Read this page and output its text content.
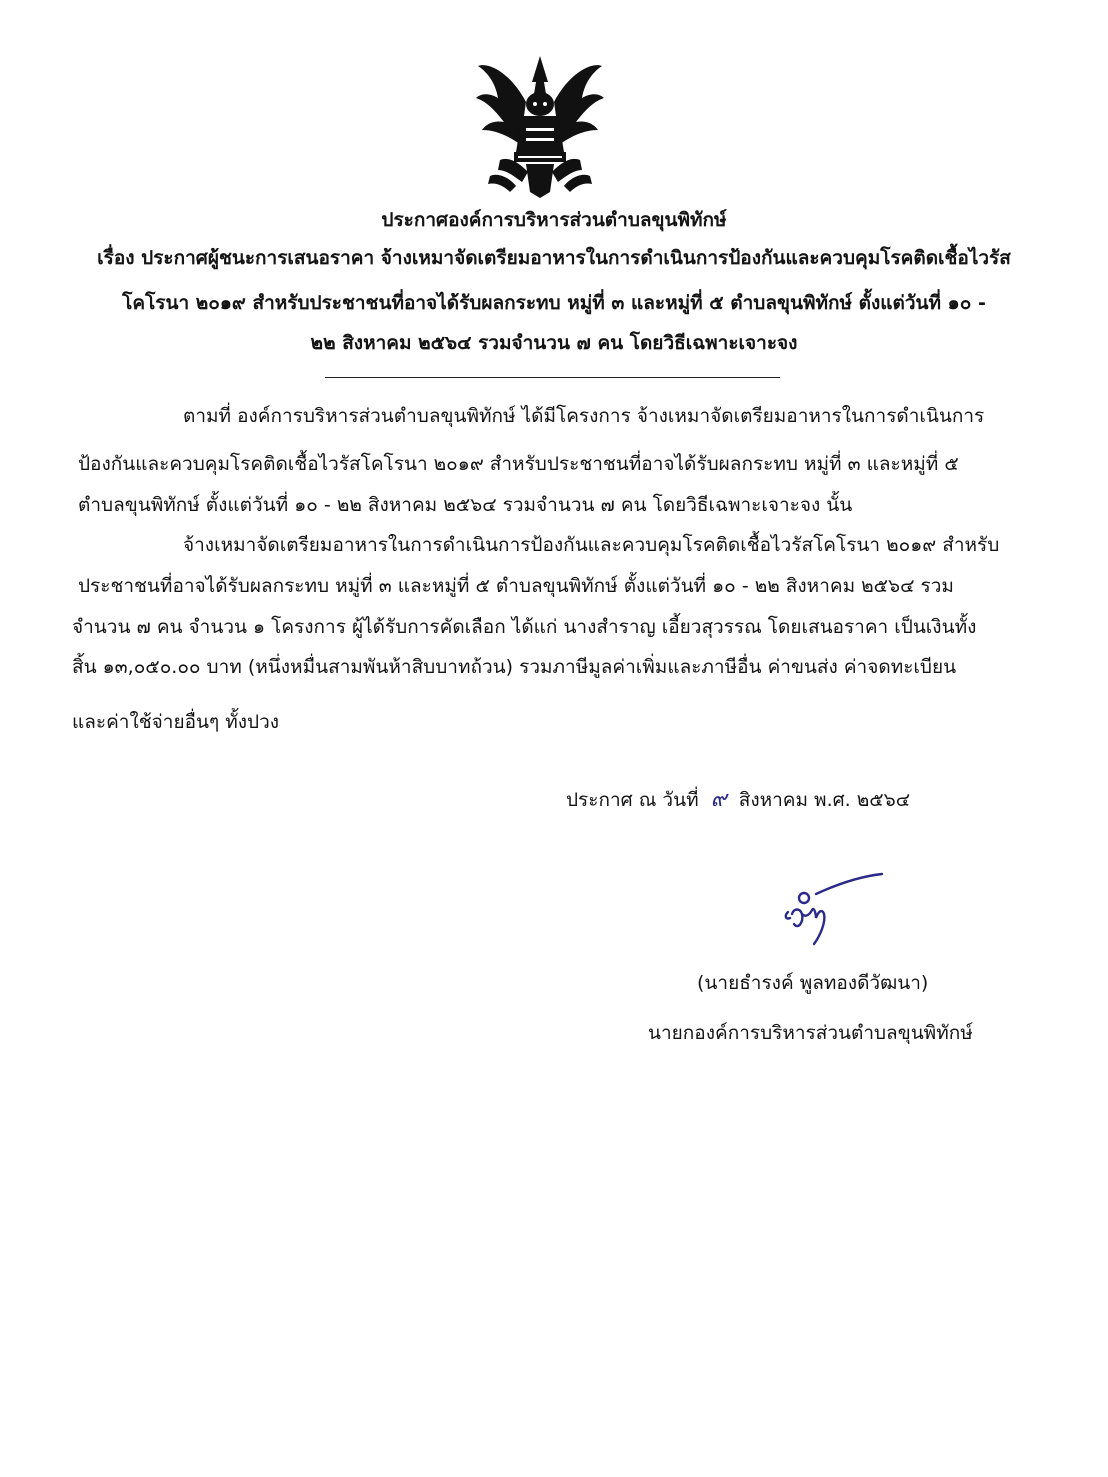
ประกาศองค์การบริหารส่วนตำบลขุนพิทักษ์
เรื่อง ประกาศผู้ชนะการเสนอราคา จ้างเหมาจัดเตรียมอาหารในการดำเนินการป้องกันและควบคุมโรคติดเชื้อไวรัส
โคโรนา ๒๐๑๙ สำหรับประชาชนที่อาจได้รับผลกระทบ หมู่ที่ ๓ และหมู่ที่ ๕ ตำบลขุนพิทักษ์ ตั้งแต่วันที่ ๑๐ -
๒๒ สิงหาคม ๒๕๖๔ รวมจำนวน ๗ คน โดยวิธีเฉพาะเจาะจง
ตามที่ องค์การบริหารส่วนตำบลขุนพิทักษ์ ได้มีโครงการ จ้างเหมาจัดเตรียมอาหารในการดำเนินการ
ป้องกันและควบคุมโรคติดเชื้อไวรัสโคโรนา ๒๐๑๙ สำหรับประชาชนที่อาจได้รับผลกระทบ หมู่ที่ ๓ และหมู่ที่ ๕
ตำบลขุนพิทักษ์ ตั้งแต่วันที่ ๑๐ - ๒๒ สิงหาคม ๒๕๖๔ รวมจำนวน ๗ คน โดยวิธีเฉพาะเจาะจง นั้น
จ้างเหมาจัดเตรียมอาหารในการดำเนินการป้องกันและควบคุมโรคติดเชื้อไวรัสโคโรนา ๒๐๑๙ สำหรับ
ประชาชนที่อาจได้รับผลกระทบ หมู่ที่ ๓ และหมู่ที่ ๕ ตำบลขุนพิทักษ์ ตั้งแต่วันที่ ๑๐ - ๒๒ สิงหาคม ๒๕๖๔ รวม
จำนวน ๗ คน จำนวน ๑ โครงการ ผู้ได้รับการคัดเลือก ได้แก่ นางสำราญ เอี้ยวสุวรรณ โดยเสนอราคา เป็นเงินทั้ง
สิ้น ๑๓,๐๕๐.๐๐ บาท (หนึ่งหมื่นสามพันห้าสิบบาทถ้วน) รวมภาษีมูลค่าเพิ่มและภาษีอื่น ค่าขนส่ง ค่าจดทะเบียน
และค่าใช้จ่ายอื่นๆ ทั้งปวง
ประกาศ ณ วันที่ ๙ สิงหาคม พ.ศ. ๒๕๖๔
(นายธำรงค์ พูลทองดีวัฒนา)
นายกองค์การบริหารส่วนตำบลขุนพิทักษ์
